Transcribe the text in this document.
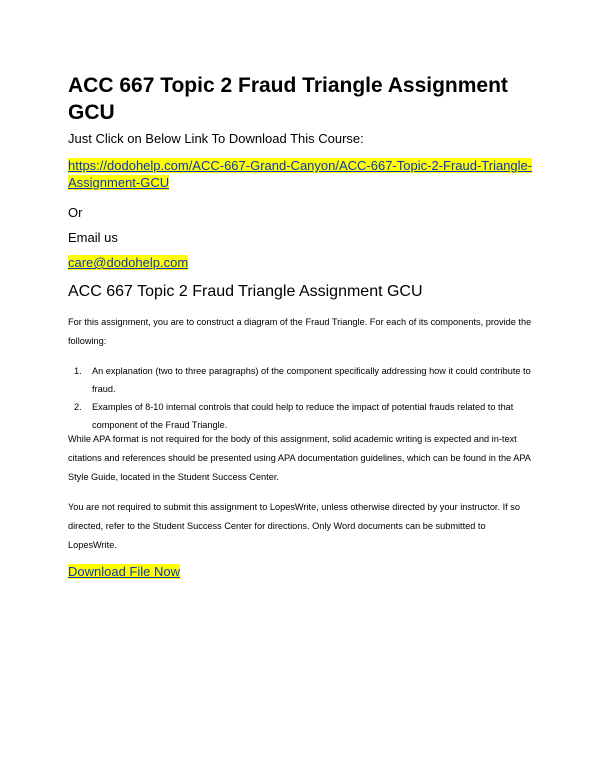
ACC 667 Topic 2 Fraud Triangle Assignment GCU
Just Click on Below Link To Download This Course:
https://dodohelp.com/ACC-667-Grand-Canyon/ACC-667-Topic-2-Fraud-Triangle-Assignment-GCU
Or
Email us
care@dodohelp.com
ACC 667 Topic 2 Fraud Triangle Assignment GCU

For this assignment, you are to construct a diagram of the Fraud Triangle. For each of its components, provide the following:

1. An explanation (two to three paragraphs) of the component specifically addressing how it could contribute to fraud.
2. Examples of 8-10 internal controls that could help to reduce the impact of potential frauds related to that component of the Fraud Triangle.

While APA format is not required for the body of this assignment, solid academic writing is expected and in-text citations and references should be presented using APA documentation guidelines, which can be found in the APA Style Guide, located in the Student Success Center.

You are not required to submit this assignment to LopesWrite, unless otherwise directed by your instructor. If so directed, refer to the Student Success Center for directions. Only Word documents can be submitted to LopesWrite.

Download File Now
